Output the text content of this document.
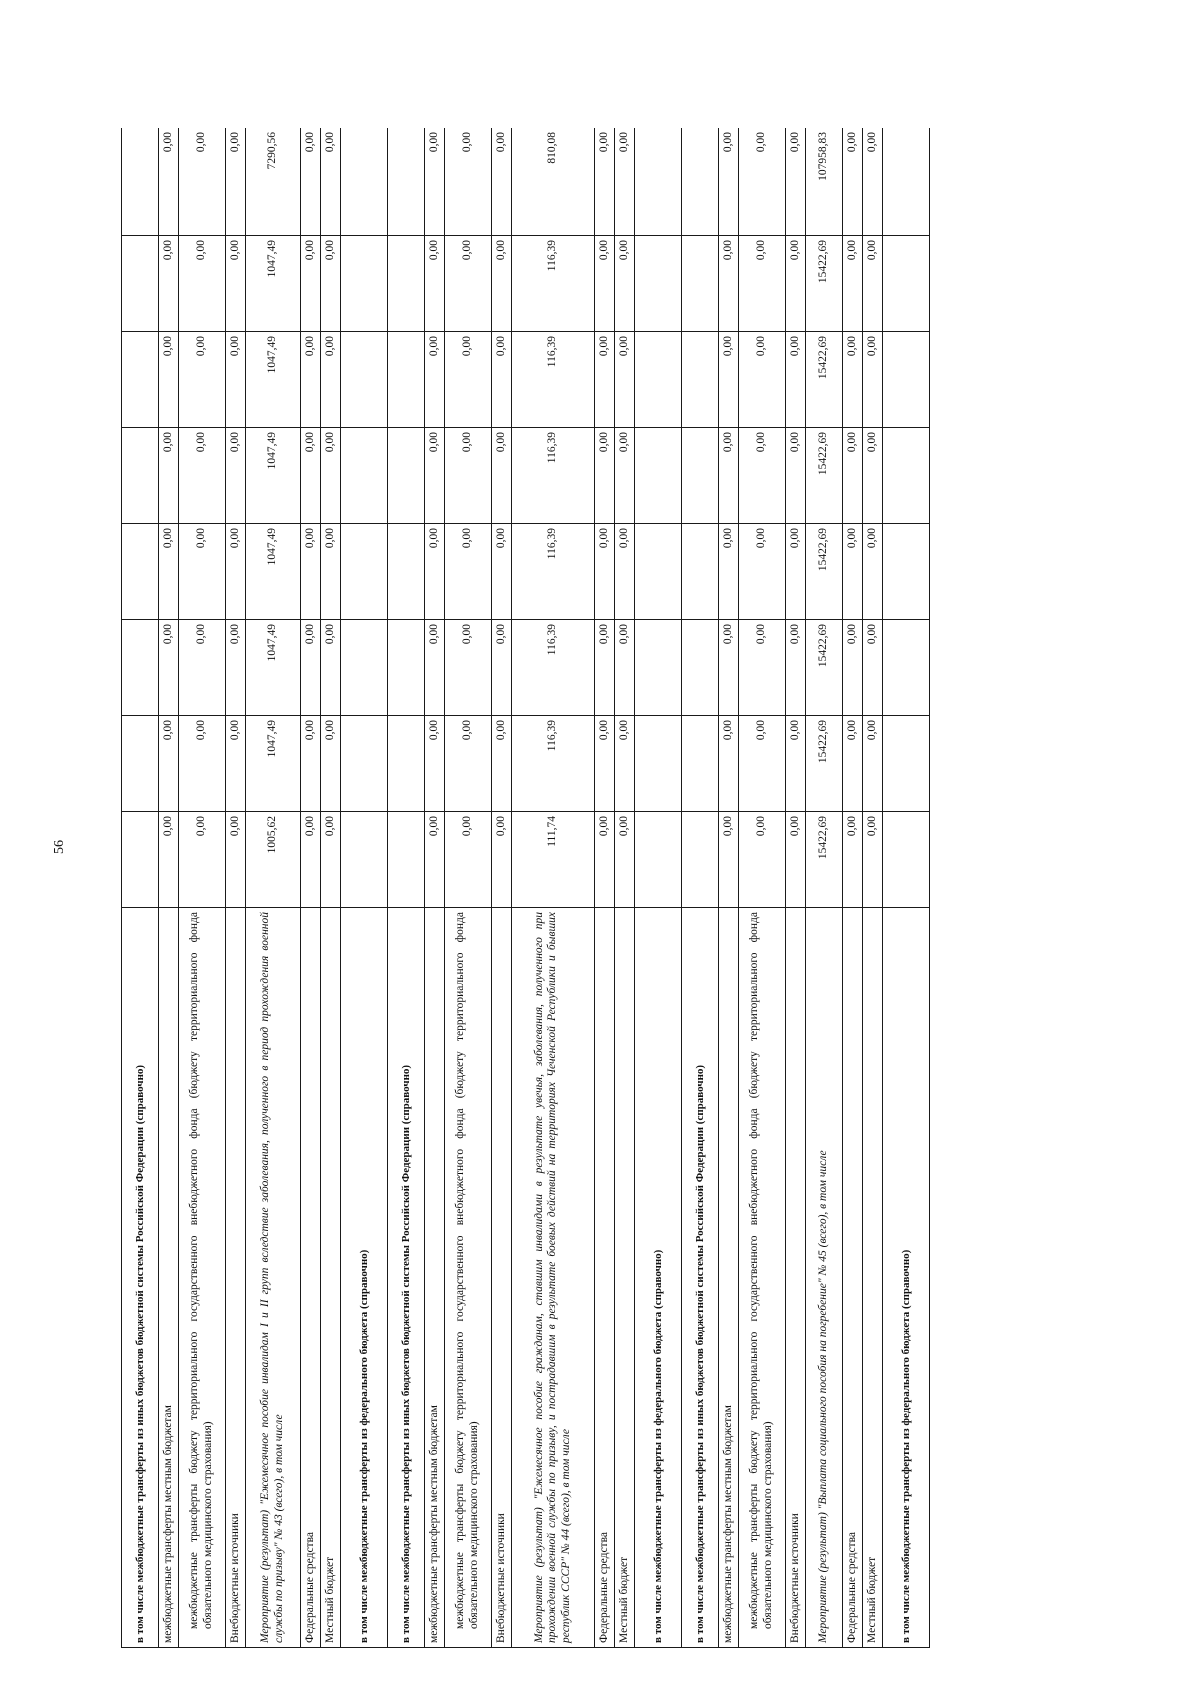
56
в том числе межбюджетные трансферты из иных бюджетов бюджетной системы Российской Федерации (справочно)								
межбюджетные трансферты местным бюджетам	0,00	0,00	0,00	0,00	0,00	0,00	0,00	0,00
межбюджетные трансферты бюджету территориального государственного внебюджетного фонда (бюджету территориального фонда обязательного медицинского страхования)	0,00	0,00	0,00	0,00	0,00	0,00	0,00	0,00
Внебюджетные источники	0,00	0,00	0,00	0,00	0,00	0,00	0,00	0,00
Мероприятие (результат) "Ежемесячное пособие инвалидам I и II групп вследствие заболевания, полученного в период прохождения военной службы по призыву" № 43 (всего), в том числе	1005,62	1047,49	1047,49	1047,49	1047,49	1047,49	1047,49	7290,56
Федеральные средства	0,00	0,00	0,00	0,00	0,00	0,00	0,00	0,00
Местный бюджет	0,00	0,00	0,00	0,00	0,00	0,00	0,00	0,00
в том числе межбюджетные трансферты из федерального бюджета (справочно)								
в том числе межбюджетные трансферты из иных бюджетов бюджетной системы Российской Федерации (справочно)								
межбюджетные трансферты местным бюджетам	0,00	0,00	0,00	0,00	0,00	0,00	0,00	0,00
межбюджетные трансферты бюджету территориального государственного внебюджетного фонда (бюджету территориального фонда обязательного медицинского страхования)	0,00	0,00	0,00	0,00	0,00	0,00	0,00	0,00
Внебюджетные источники	0,00	0,00	0,00	0,00	0,00	0,00	0,00	0,00
Мероприятие (результат) "Ежемесячное пособие гражданам, ставшим инвалидами в результате увечья, заболевания, полученного при прохождении военной службы по призыву, и пострадавшим в результате боевых действий на территориях Чеченской Республики и бывших республик СССР" № 44 (всего), в том числе	111,74	116,39	116,39	116,39	116,39	116,39	116,39	810,08
Федеральные средства	0,00	0,00	0,00	0,00	0,00	0,00	0,00	0,00
Местный бюджет	0,00	0,00	0,00	0,00	0,00	0,00	0,00	0,00
в том числе межбюджетные трансферты из федерального бюджета (справочно)								
в том числе межбюджетные трансферты из иных бюджетов бюджетной системы Российской Федерации (справочно)								
межбюджетные трансферты местным бюджетам	0,00	0,00	0,00	0,00	0,00	0,00	0,00	0,00
межбюджетные трансферты бюджету территориального государственного внебюджетного фонда (бюджету территориального фонда обязательного медицинского страхования)	0,00	0,00	0,00	0,00	0,00	0,00	0,00	0,00
Внебюджетные источники	0,00	0,00	0,00	0,00	0,00	0,00	0,00	0,00
Мероприятие (результат) "Выплата социального пособия на погребение" № 45 (всего), в том числе	15422,69	15422,69	15422,69	15422,69	15422,69	15422,69	15422,69	107958,83
Федеральные средства	0,00	0,00	0,00	0,00	0,00	0,00	0,00	0,00
Местный бюджет	0,00	0,00	0,00	0,00	0,00	0,00	0,00	0,00
в том числе межбюджетные трансферты из федерального бюджета (справочно)								
